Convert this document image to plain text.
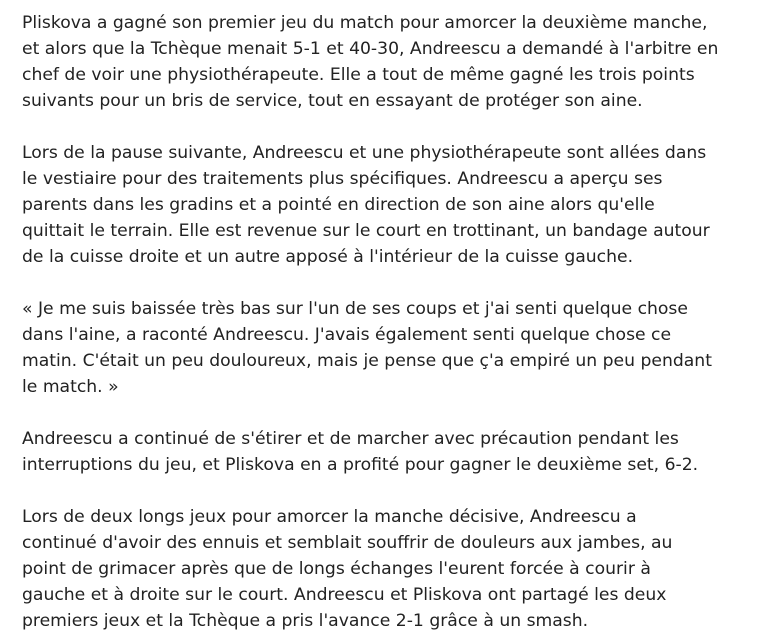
Pliskova a gagné son premier jeu du match pour amorcer la deuxième manche,
et alors que la Tchèque menait 5-1 et 40-30, Andreescu a demandé à l'arbitre en
chef de voir une physiothérapeute. Elle a tout de même gagné les trois points
suivants pour un bris de service, tout en essayant de protéger son aine.

Lors de la pause suivante, Andreescu et une physiothérapeute sont allées dans
le vestiaire pour des traitements plus spécifiques. Andreescu a aperçu ses
parents dans les gradins et a pointé en direction de son aine alors qu'elle
quittait le terrain. Elle est revenue sur le court en trottinant, un bandage autour
de la cuisse droite et un autre apposé à l'intérieur de la cuisse gauche.

« Je me suis baissée très bas sur l'un de ses coups et j'ai senti quelque chose
dans l'aine, a raconté Andreescu. J'avais également senti quelque chose ce
matin. C'était un peu douloureux, mais je pense que ç'a empiré un peu pendant
le match. »

Andreescu a continué de s'étirer et de marcher avec précaution pendant les
interruptions du jeu, et Pliskova en a profité pour gagner le deuxième set, 6-2.

Lors de deux longs jeux pour amorcer la manche décisive, Andreescu a
continué d'avoir des ennuis et semblait souffrir de douleurs aux jambes, au
point de grimacer après que de longs échanges l'eurent forcée à courir à
gauche et à droite sur le court. Andreescu et Pliskova ont partagé les deux
premiers jeux et la Tchèque a pris l'avance 2-1 grâce à un smash.
